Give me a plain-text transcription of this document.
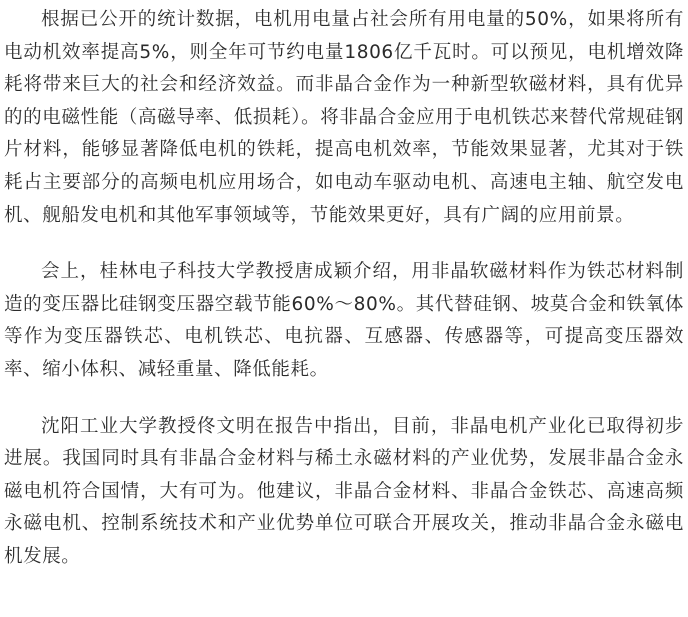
根据已公开的统计数据，电机用电量占社会所有用电量的50%，如果将所有电动机效率提高5%，则全年可节约电量1806亿千瓦时。可以预见，电机增效降耗将带来巨大的社会和经济效益。而非晶合金作为一种新型软磁材料，具有优异的的电磁性能（高磁导率、低损耗）。将非晶合金应用于电机铁芯来替代常规硅钢片材料，能够显著降低电机的铁耗，提高电机效率，节能效果显著，尤其对于铁耗占主要部分的高频电机应用场合，如电动车驱动电机、高速电主轴、航空发电机、舰船发电机和其他军事领域等，节能效果更好，具有广阔的应用前景。

会上，桂林电子科技大学教授唐成颖介绍，用非晶软磁材料作为铁芯材料制造的变压器比硅钢变压器空载节能60%～80%。其代替硅钢、坡莫合金和铁氧体等作为变压器铁芯、电机铁芯、电抗器、互感器、传感器等，可提高变压器效率、缩小体积、减轻重量、降低能耗。

沈阳工业大学教授佟文明在报告中指出，目前，非晶电机产业化已取得初步进展。我国同时具有非晶合金材料与稀土永磁材料的产业优势，发展非晶合金永磁电机符合国情，大有可为。他建议，非晶合金材料、非晶合金铁芯、高速高频永磁电机、控制系统技术和产业优势单位可联合开展攻关，推动非晶合金永磁电机发展。
